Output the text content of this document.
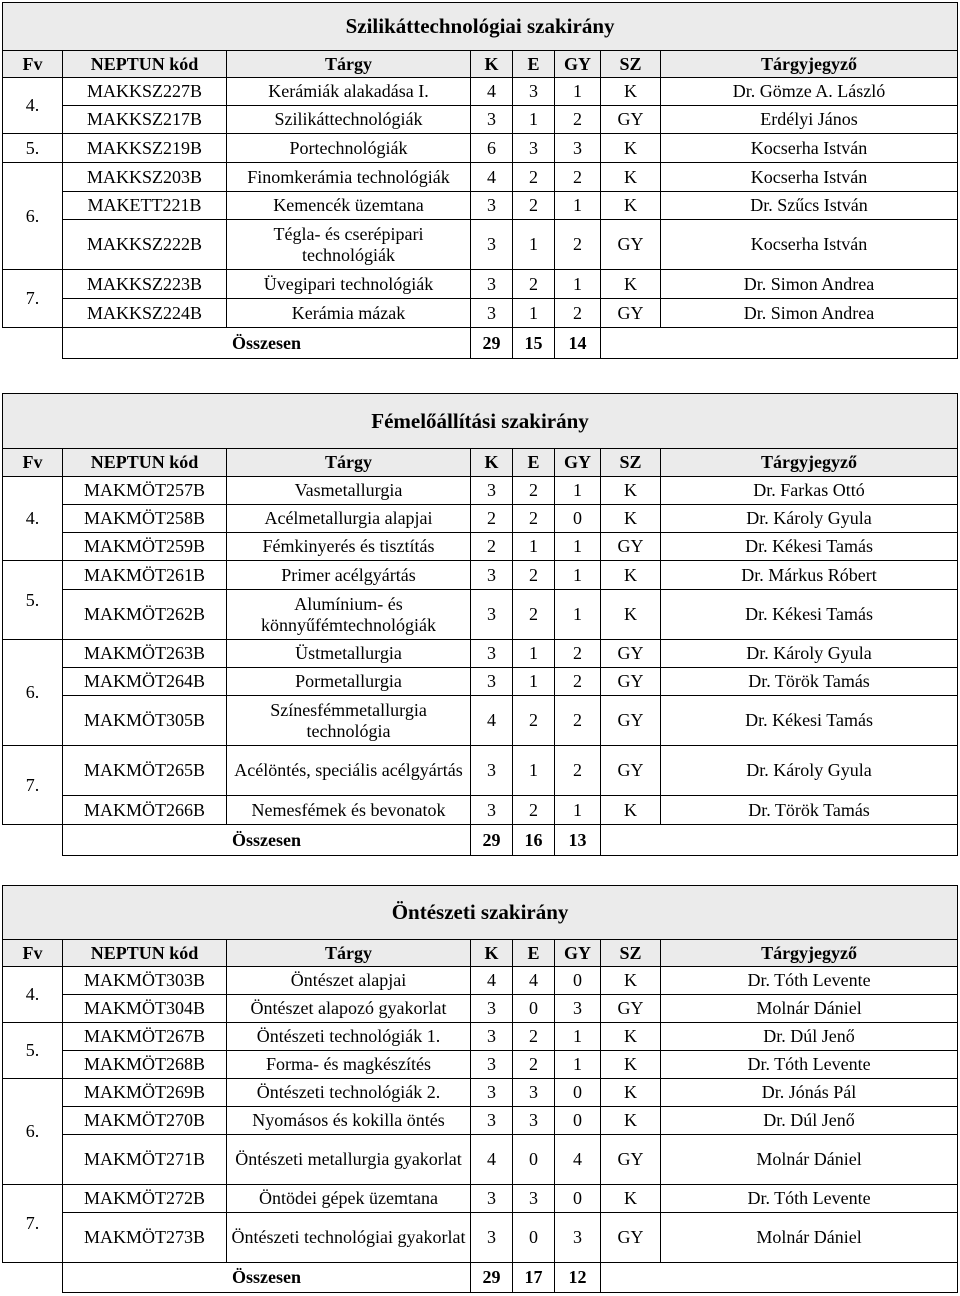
Szilikáttechnológiai szakirány							
Fv	NEPTUN kód	Tárgy	K	E	GY	SZ	Tárgyjegyző
4.	MAKKSZ227B	Kerámiák alakadása I.	4	3	1	K	Dr. Gömze A. László
	MAKKSZ217B	Szilikáttechnológiák	3	1	2	GY	Erdélyi János
5.	MAKKSZ219B	Portechnológiák	6	3	3	K	Kocserha István
6.	MAKKSZ203B	Finomkerámia technológiák	4	2	2	K	Kocserha István
	MAKETT221B	Kemencék üzemtana	3	2	1	K	Dr. Szűcs István
	MAKKSZ222B	Tégla- és cserépipari technológiák	3	1	2	GY	Kocserha István
7.	MAKKSZ223B	Üvegipari technológiák	3	2	1	K	Dr. Simon Andrea
	MAKKSZ224B	Kerámia mázak	3	1	2	GY	Dr. Simon Andrea
	Összesen		29	15	14		
Fémelőállítási szakirány							
Fv	NEPTUN kód	Tárgy	K	E	GY	SZ	Tárgyjegyző
4.	MAKMÖT257B	Vasmetallurgia	3	2	1	K	Dr. Farkas Ottó
	MAKMÖT258B	Acélmetallurgia alapjai	2	2	0	K	Dr. Károly Gyula
	MAKMÖT259B	Fémkinyerés és tisztítás	2	1	1	GY	Dr. Kékesi Tamás
5.	MAKMÖT261B	Primer acélgyártás	3	2	1	K	Dr. Márkus Róbert
	MAKMÖT262B	Alumínium- és könnyűfémtechnológiák	3	2	1	K	Dr. Kékesi Tamás
6.	MAKMÖT263B	Üstmetallurgia	3	1	2	GY	Dr. Károly Gyula
	MAKMÖT264B	Pormetallurgia	3	1	2	GY	Dr. Török Tamás
	MAKMÖT305B	Színesfémmetallurgia technológia	4	2	2	GY	Dr. Kékesi Tamás
7.	MAKMÖT265B	Acélöntés, speciális acélgyártás	3	1	2	GY	Dr. Károly Gyula
	MAKMÖT266B	Nemesfémek és bevonatok	3	2	1	K	Dr. Török Tamás
	Összesen		29	16	13		
Öntészeti szakirány							
Fv	NEPTUN kód	Tárgy	K	E	GY	SZ	Tárgyjegyző
4.	MAKMÖT303B	Öntészet alapjai	4	4	0	K	Dr. Tóth Levente
	MAKMÖT304B	Öntészet alapozó gyakorlat	3	0	3	GY	Molnár Dániel
5.	MAKMÖT267B	Öntészeti technológiák 1.	3	2	1	K	Dr. Dúl Jenő
	MAKMÖT268B	Forma- és magkészítés	3	2	1	K	Dr. Tóth Levente
6.	MAKMÖT269B	Öntészeti technológiák 2.	3	3	0	K	Dr. Jónás Pál
	MAKMÖT270B	Nyomásos és kokilla öntés	3	3	0	K	Dr. Dúl Jenő
	MAKMÖT271B	Öntészeti metallurgia gyakorlat	4	0	4	GY	Molnár Dániel
7.	MAKMÖT272B	Öntödei gépek üzemtana	3	3	0	K	Dr. Tóth Levente
	MAKMÖT273B	Öntészeti technológiai gyakorlat	3	0	3	GY	Molnár Dániel
	Összesen		29	17	12		
